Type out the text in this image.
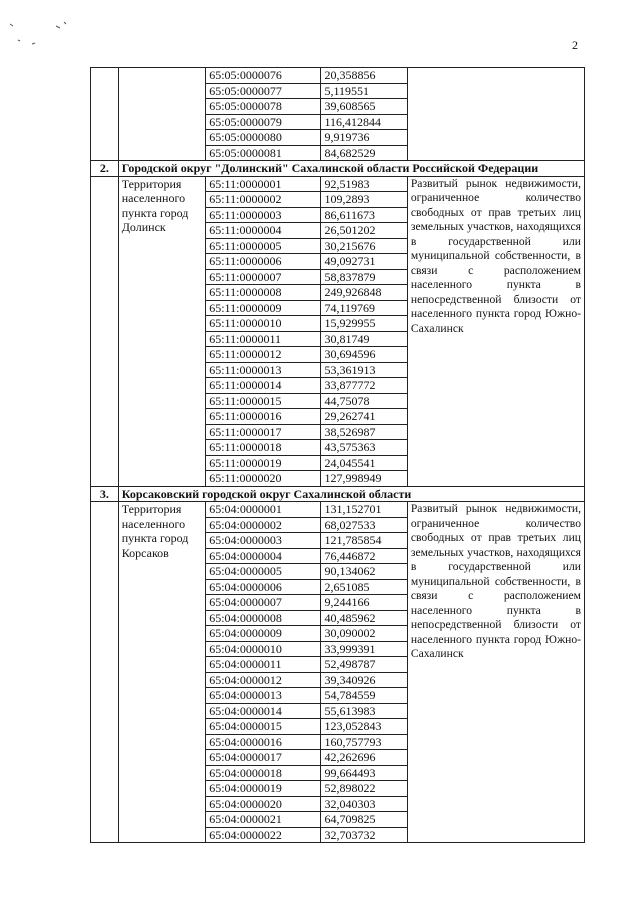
2
		65:05:0000076	20,358856	
		65:05:0000077	5,119551	
		65:05:0000078	39,608565	
		65:05:0000079	116,412844	
		65:05:0000080	9,919736	
		65:05:0000081	84,682529	
2.	Городской округ "Долинский" Сахалинской области Российской Федерации			
	Территория населенного пункта город Долинск	65:11:0000001	92,51983	Развитый рынок недвижимости, ограниченное количество свободных от прав третьих лиц земельных участков, находящихся в государственной или муниципальной собственности, в связи с расположением населенного пункта в непосредственной близости от населенного пункта город Южно-Сахалинск
		65:11:0000002	109,2893	
		65:11:0000003	86,611673	
		65:11:0000004	26,501202	
		65:11:0000005	30,215676	
		65:11:0000006	49,092731	
		65:11:0000007	58,837879	
		65:11:0000008	249,926848	
		65:11:0000009	74,119769	
		65:11:0000010	15,929955	
		65:11:0000011	30,81749	
		65:11:0000012	30,694596	
		65:11:0000013	53,361913	
		65:11:0000014	33,877772	
		65:11:0000015	44,75078	
		65:11:0000016	29,262741	
		65:11:0000017	38,526987	
		65:11:0000018	43,575363	
		65:11:0000019	24,045541	
		65:11:0000020	127,998949	
3.	Корсаковский городской округ Сахалинской области			
	Территория населенного пункта город Корсаков	65:04:0000001	131,152701	Развитый рынок недвижимости, ограниченное количество свободных от прав третьих лиц земельных участков, находящихся в государственной или муниципальной собственности, в связи с расположением населенного пункта в непосредственной близости от населенного пункта город Южно-Сахалинск
		65:04:0000002	68,027533	
		65:04:0000003	121,785854	
		65:04:0000004	76,446872	
		65:04:0000005	90,134062	
		65:04:0000006	2,651085	
		65:04:0000007	9,244166	
		65:04:0000008	40,485962	
		65:04:0000009	30,090002	
		65:04:0000010	33,999391	
		65:04:0000011	52,498787	
		65:04:0000012	39,340926	
		65:04:0000013	54,784559	
		65:04:0000014	55,613983	
		65:04:0000015	123,052843	
		65:04:0000016	160,757793	
		65:04:0000017	42,262696	
		65:04:0000018	99,664493	
		65:04:0000019	52,898022	
		65:04:0000020	32,040303	
		65:04:0000021	64,709825	
		65:04:0000022	32,703732	
